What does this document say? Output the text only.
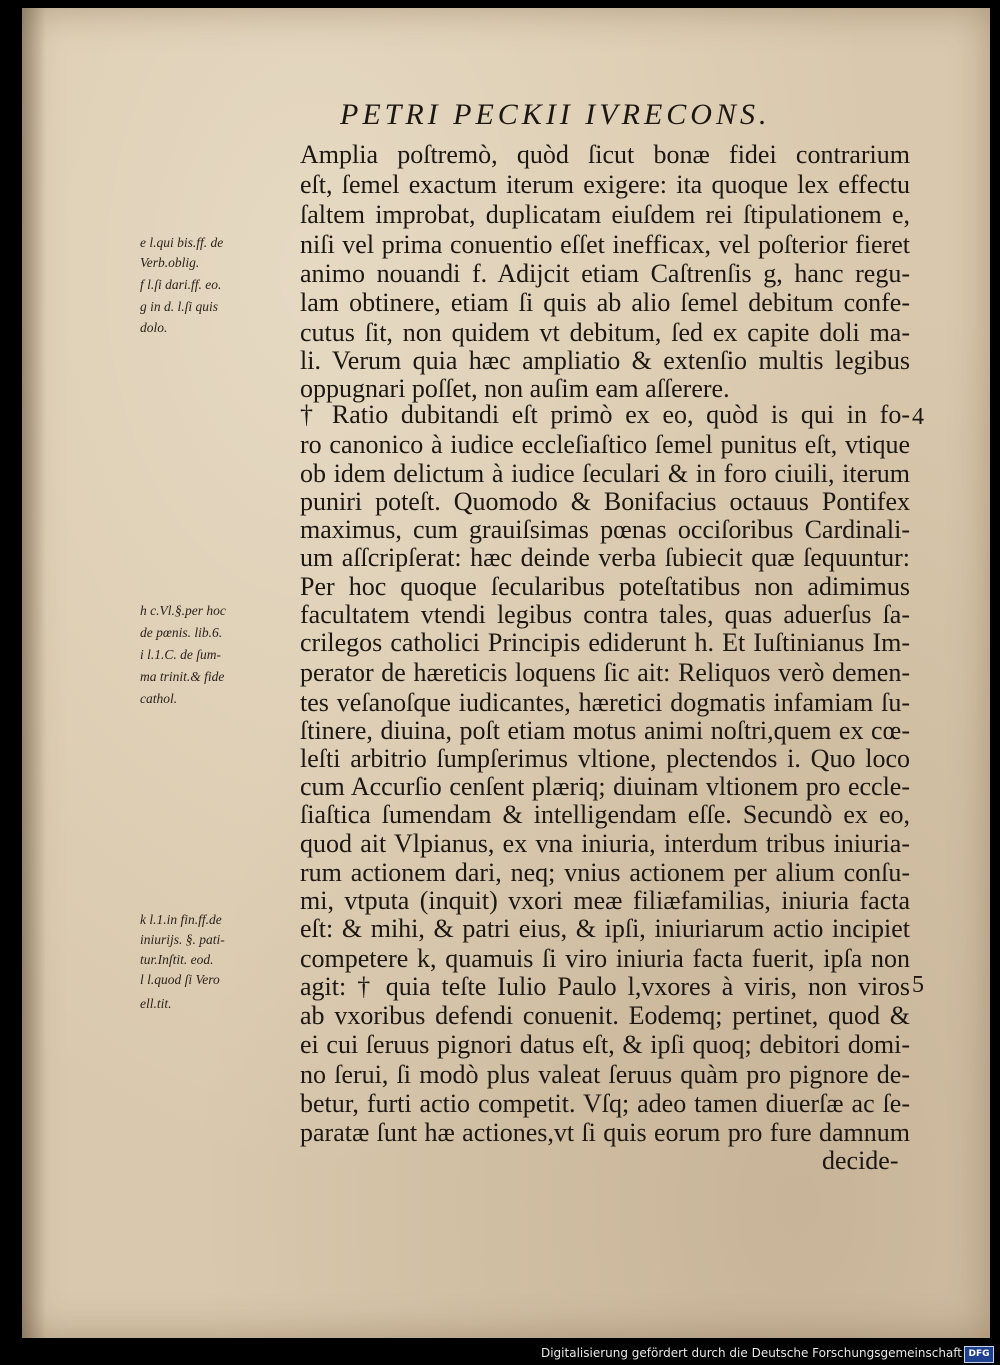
PETRI PECKII IVRECONS.
Amplia poſtremò, quòd ſicut bonæ fidei contrarium
eſt, ſemel exactum iterum exigere: ita quoque lex effectu
ſaltem improbat, duplicatam eiuſdem rei ſtipulationem e,
niſi vel prima conuentio eſſet inefficax, vel poſterior fieret
animo nouandi f. Adijcit etiam Caſtrenſis g, hanc regu-
lam obtinere, etiam ſi quis ab alio ſemel debitum confe-
cutus ſit, non quidem vt debitum, ſed ex capite doli ma-
li. Verum quia hæc ampliatio & extenſio multis legibus
oppugnari poſſet, non auſim eam aſſerere.
† Ratio dubitandi eſt primò ex eo, quòd is qui in fo-
ro canonico à iudice eccleſiaſtico ſemel punitus eſt, vtique
ob idem delictum à iudice ſeculari & in foro ciuili, iterum
puniri poteſt. Quomodo & Bonifacius octauus Pontifex
maximus, cum grauiſsimas pœnas occiſoribus Cardinali-
um aſſcripſerat: hæc deinde verba ſubiecit quæ ſequuntur:
Per hoc quoque ſecularibus poteſtatibus non adimimus
facultatem vtendi legibus contra tales, quas aduerſus ſa-
crilegos catholici Principis ediderunt h. Et Iuſtinianus Im-
perator de hæreticis loquens ſic ait: Reliquos verò demen-
tes veſanoſque iudicantes, hæretici dogmatis infamiam ſu-
ſtinere, diuina, poſt etiam motus animi noſtri,quem ex cœ-
leſti arbitrio ſumpſerimus vltione, plectendos i. Quo loco
cum Accurſio cenſent plæriq; diuinam vltionem pro eccle-
ſiaſtica ſumendam & intelligendam eſſe. Secundò ex eo,
quod ait Vlpianus, ex vna iniuria, interdum tribus iniuria-
rum actionem dari, neq; vnius actionem per alium conſu-
mi, vtputa (inquit) vxori meæ filiæfamilias, iniuria facta
eſt: & mihi, & patri eius, & ipſi, iniuriarum actio incipiet
competere k, quamuis ſi viro iniuria facta fuerit, ipſa non
agit: † quia teſte Iulio Paulo l,vxores à viris, non viros
ab vxoribus defendi conuenit. Eodemq; pertinet, quod &
ei cui ſeruus pignori datus eſt, & ipſi quoq; debitori domi-
no ſerui, ſi modò plus valeat ſeruus quàm pro pignore de-
betur, furti actio competit. Vſq; adeo tamen diuerſæ ac ſe-
paratæ ſunt hæ actiones,vt ſi quis eorum pro fure damnum
decide-
e l.qui bis.ff. de
Verb.oblig.
f l.ſi dari.ff. eo.
g in d. l.ſi quis
dolo.
h c.Vl.§.per hoc
de pœnis. lib.6.
i l.1.C. de ſum-
ma trinit.& fide
cathol.
k l.1.in fin.ff.de
iniurijs. §. pati-
tur.Inſtit. eod.
l l.quod ſi Vero
ell.tit.
4
5
Digitalisierung gefördert durch die Deutsche Forschungsgemeinschaft DFG
